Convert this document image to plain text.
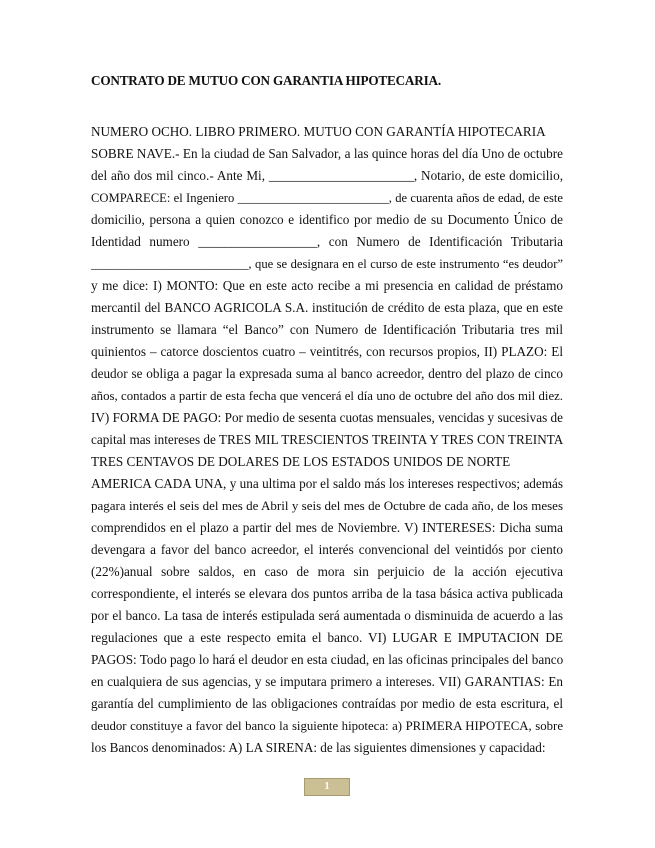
CONTRATO DE MUTUO CON GARANTIA HIPOTECARIA.
NUMERO OCHO. LIBRO PRIMERO. MUTUO CON GARANTÍA HIPOTECARIA
SOBRE NAVE.- En la ciudad de San Salvador, a las quince horas del día Uno de octubre
del año dos mil cinco.- Ante Mi, ______________________, Notario, de este domicilio,
COMPARECE: el Ingeniero ________________________, de cuarenta años de edad, de este
domicilio, persona a quien conozco e identifico por medio de su Documento Único de
Identidad numero __________________, con Numero de Identificación Tributaria
_________________________, que se designara en el curso de este instrumento “es deudor”
y me dice: I) MONTO: Que en este acto recibe a mi presencia en calidad de préstamo
mercantil del BANCO AGRICOLA S.A. institución de crédito de esta plaza, que en este
instrumento se llamara “el Banco” con Numero de Identificación Tributaria tres mil
quinientos – catorce doscientos cuatro – veintitrés, con recursos propios, II) PLAZO: El
deudor se obliga a pagar la expresada suma al banco acreedor, dentro del plazo de cinco
años, contados a partir de esta fecha que vencerá el día uno de octubre del año dos mil diez.
IV) FORMA DE PAGO: Por medio de sesenta cuotas mensuales, vencidas y sucesivas de
capital mas intereses de TRES MIL TRESCIENTOS TREINTA Y TRES CON TREINTA
TRES CENTAVOS DE DOLARES DE LOS ESTADOS UNIDOS DE NORTE
AMERICA CADA UNA, y una ultima por el saldo más los intereses respectivos; además
pagara interés el seis del mes de Abril y seis del mes de Octubre de cada año, de los meses
comprendidos en el plazo a partir del mes de Noviembre. V) INTERESES: Dicha suma
devengara a favor del banco acreedor, el interés convencional del veintidós por ciento
(22%)anual sobre saldos, en caso de mora sin perjuicio de la acción ejecutiva
correspondiente, el interés se elevara dos puntos arriba de la tasa básica activa publicada
por el banco. La tasa de interés estipulada será aumentada o disminuida de acuerdo a las
regulaciones que a este respecto emita el banco. VI) LUGAR E IMPUTACION DE
PAGOS: Todo pago lo hará el deudor en esta ciudad, en las oficinas principales del banco
en cualquiera de sus agencias, y se imputara primero a intereses. VII) GARANTIAS: En
garantía del cumplimiento de las obligaciones contraídas por medio de esta escritura, el
deudor constituye a favor del banco la siguiente hipoteca: a) PRIMERA HIPOTECA, sobre
los Bancos denominados: A) LA SIRENA: de las siguientes dimensiones y capacidad:
1
